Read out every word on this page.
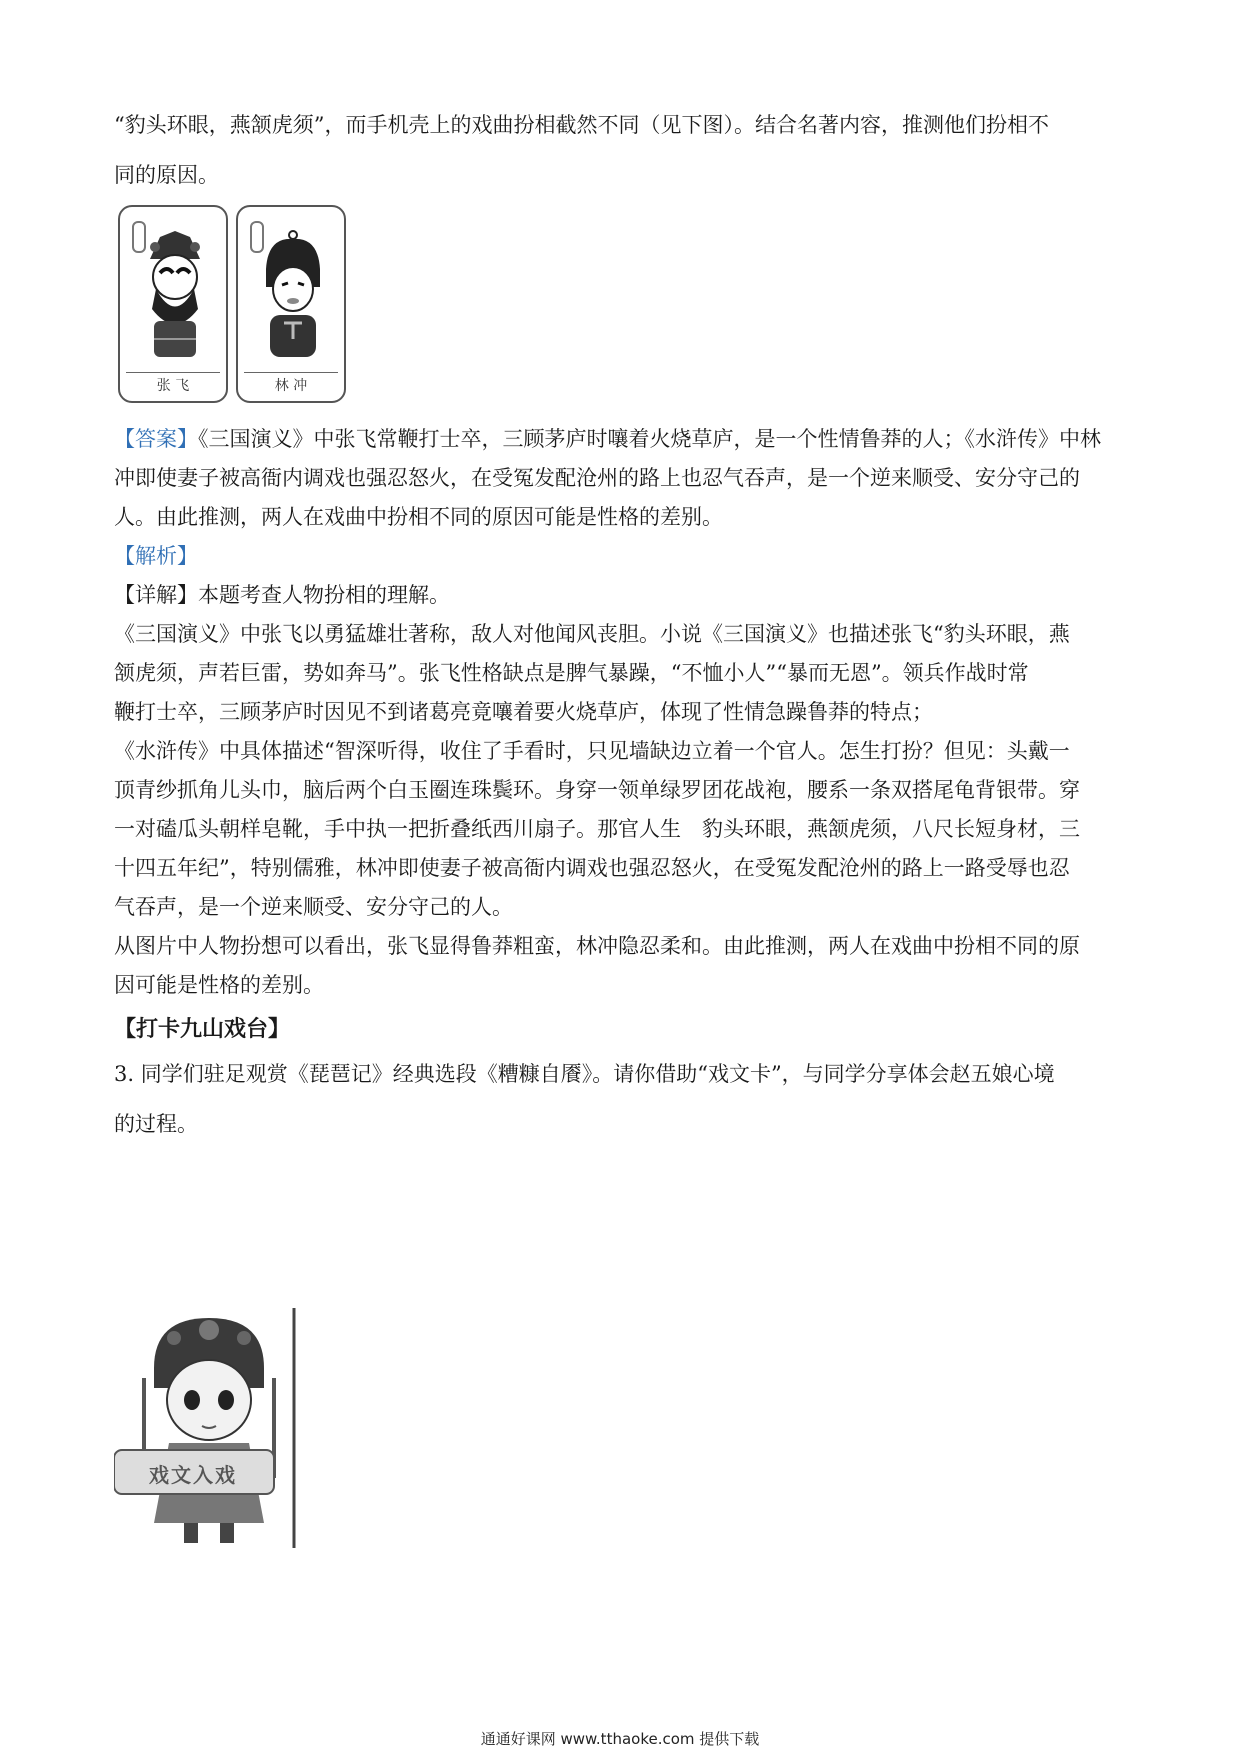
“豹头环眼，燕颔虎须”，而手机壳上的戏曲扮相截然不同（见下图）。结合名著内容，推测他们扮相不

同的原因。

张 飞	林 冲

【答案】《三国演义》中张飞常鞭打士卒，三顾茅庐时嚷着火烧草庐，是一个性情鲁莽的人；《水浒传》中林

冲即使妻子被高衙内调戏也强忍怒火，在受冤发配沧州的路上也忍气吞声，是一个逆来顺受、安分守己的

人。由此推测，两人在戏曲中扮相不同的原因可能是性格的差别。

【解析】

【详解】本题考查人物扮相的理解。

《三国演义》中张飞以勇猛雄壮著称，敌人对他闻风丧胆。小说《三国演义》也描述张飞“豹头环眼，燕

颔虎须，声若巨雷，势如奔马”。张飞性格缺点是脾气暴躁，“不恤小人”“暴而无恩”。领兵作战时常

鞭打士卒，三顾茅庐时因见不到诸葛亮竟嚷着要火烧草庐，体现了性情急躁鲁莽的特点；

《水浒传》中具体描述“智深听得，收住了手看时，只见墙缺边立着一个官人。怎生打扮？但见：头戴一

顶青纱抓角儿头巾，脑后两个白玉圈连珠鬓环。身穿一领单绿罗团花战袍，腰系一条双搭尾龟背银带。穿

一对磕瓜头朝样皂靴，手中执一把折叠纸西川扇子。那官人生　豹头环眼，燕颔虎须，八尺长短身材，三

十四五年纪”，特别儒雅，林冲即使妻子被高衙内调戏也强忍怒火，在受冤发配沧州的路上一路受辱也忍

气吞声，是一个逆来顺受、安分守己的人。

从图片中人物扮想可以看出，张飞显得鲁莽粗蛮，林冲隐忍柔和。由此推测，两人在戏曲中扮相不同的原

因可能是性格的差别。

【打卡九山戏台】

3. 同学们驻足观赏《琵琶记》经典选段《糟糠自餍》。请你借助“戏文卡”，与同学分享体会赵五娘心境

的过程。

戏文入戏
通通好课网 www.tthaoke.com 提供下载
